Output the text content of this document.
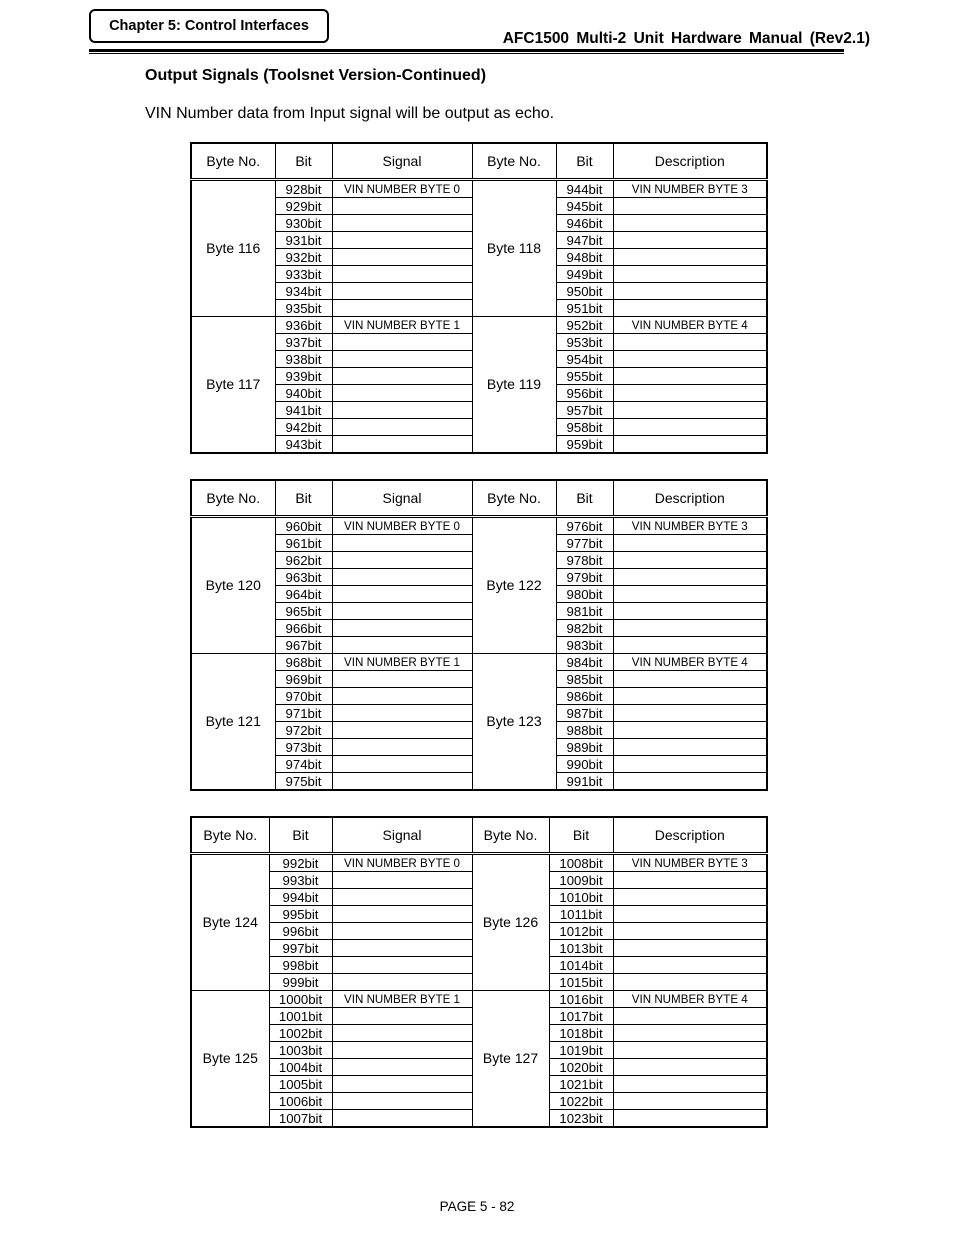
Chapter 5: Control Interfaces
AFC1500 Multi-2 Unit Hardware Manual (Rev2.1)
Output Signals (Toolsnet Version-Continued)
VIN Number data from Input signal will be output as echo.
Byte No.	Bit	Signal	Byte No.	Bit	Description
Byte 116	928bit	VIN NUMBER BYTE 0	Byte 118	944bit	VIN NUMBER BYTE 3
	929bit			945bit	
	930bit			946bit	
	931bit			947bit	
	932bit			948bit	
	933bit			949bit	
	934bit			950bit	
	935bit			951bit	
Byte 117	936bit	VIN NUMBER BYTE 1	Byte 119	952bit	VIN NUMBER BYTE 4
	937bit			953bit	
	938bit			954bit	
	939bit			955bit	
	940bit			956bit	
	941bit			957bit	
	942bit			958bit	
	943bit			959bit	
Byte No.	Bit	Signal	Byte No.	Bit	Description
Byte 120	960bit	VIN NUMBER BYTE 0	Byte 122	976bit	VIN NUMBER BYTE 3
	961bit			977bit	
	962bit			978bit	
	963bit			979bit	
	964bit			980bit	
	965bit			981bit	
	966bit			982bit	
	967bit			983bit	
Byte 121	968bit	VIN NUMBER BYTE 1	Byte 123	984bit	VIN NUMBER BYTE 4
	969bit			985bit	
	970bit			986bit	
	971bit			987bit	
	972bit			988bit	
	973bit			989bit	
	974bit			990bit	
	975bit			991bit	
Byte No.	Bit	Signal	Byte No.	Bit	Description
Byte 124	992bit	VIN NUMBER BYTE 0	Byte 126	1008bit	VIN NUMBER BYTE 3
	993bit			1009bit	
	994bit			1010bit	
	995bit			1011bit	
	996bit			1012bit	
	997bit			1013bit	
	998bit			1014bit	
	999bit			1015bit	
Byte 125	1000bit	VIN NUMBER BYTE 1	Byte 127	1016bit	VIN NUMBER BYTE 4
	1001bit			1017bit	
	1002bit			1018bit	
	1003bit			1019bit	
	1004bit			1020bit	
	1005bit			1021bit	
	1006bit			1022bit	
	1007bit			1023bit	
PAGE 5 - 82
